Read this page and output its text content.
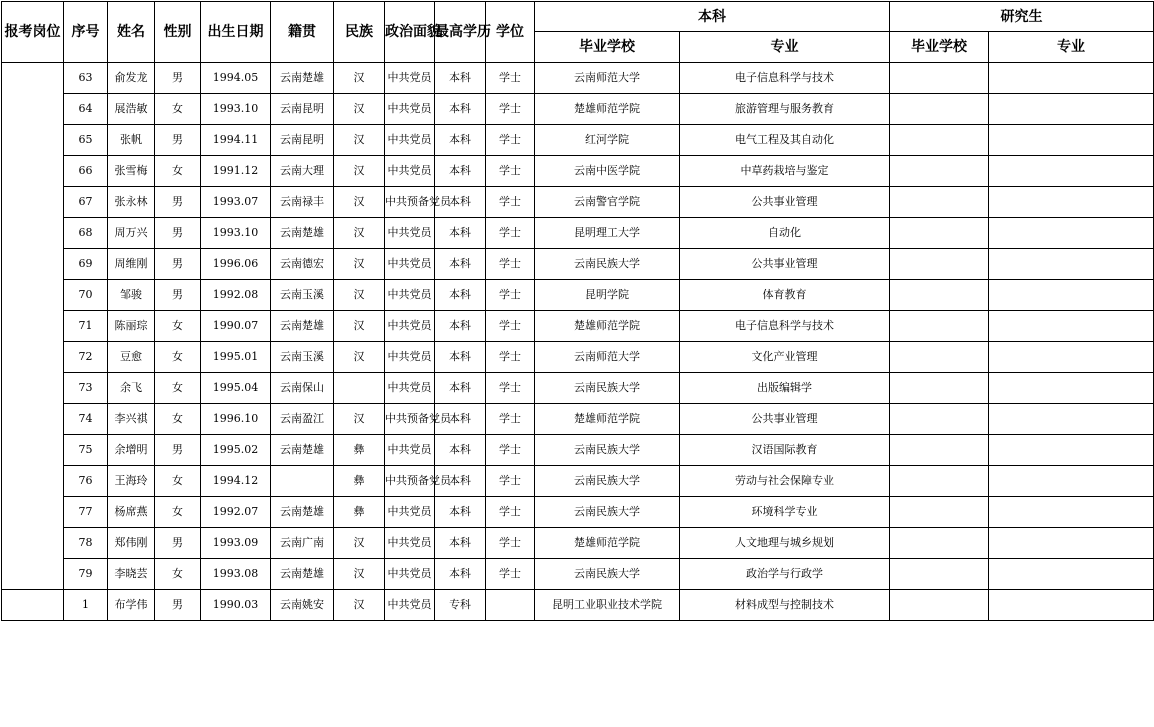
报考岗位	序号	姓名	性别	出生日期	籍贯	民族	政治面貌	最高学历	学位	本科		研究生	
										毕业学校	专业	毕业学校	专业
	63	俞发龙	男	1994.05	云南楚雄	汉	中共党员	本科	学士	云南师范大学	电子信息科学与技术		
	64	展浩敏	女	1993.10	云南昆明	汉	中共党员	本科	学士	楚雄师范学院	旅游管理与服务教育		
	65	张帆	男	1994.11	云南昆明	汉	中共党员	本科	学士	红河学院	电气工程及其自动化		
	66	张雪梅	女	1991.12	云南大理	汉	中共党员	本科	学士	云南中医学院	中草药栽培与鉴定		
	67	张永林	男	1993.07	云南禄丰	汉	中共预备党员	本科	学士	云南警官学院	公共事业管理		
	68	周万兴	男	1993.10	云南楚雄	汉	中共党员	本科	学士	昆明理工大学	自动化		
	69	周维刚	男	1996.06	云南德宏	汉	中共党员	本科	学士	云南民族大学	公共事业管理		
	70	邹骏	男	1992.08	云南玉溪	汉	中共党员	本科	学士	昆明学院	体育教育		
	71	陈丽琮	女	1990.07	云南楚雄	汉	中共党员	本科	学士	楚雄师范学院	电子信息科学与技术		
	72	豆愈	女	1995.01	云南玉溪	汉	中共党员	本科	学士	云南师范大学	文化产业管理		
	73	余飞	女	1995.04	云南保山		中共党员	本科	学士	云南民族大学	出版编辑学		
	74	李兴祺	女	1996.10	云南盈江	汉	中共预备党员	本科	学士	楚雄师范学院	公共事业管理		
	75	余增明	男	1995.02	云南楚雄	彝	中共党员	本科	学士	云南民族大学	汉语国际教育		
	76	王海玲	女	1994.12		彝	中共预备党员	本科	学士	云南民族大学	劳动与社会保障专业		
	77	杨席燕	女	1992.07	云南楚雄	彝	中共党员	本科	学士	云南民族大学	环境科学专业		
	78	郑伟刚	男	1993.09	云南广南	汉	中共党员	本科	学士	楚雄师范学院	人文地理与城乡规划		
	79	李晓芸	女	1993.08	云南楚雄	汉	中共党员	本科	学士	云南民族大学	政治学与行政学		
	1	布学伟	男	1990.03	云南姚安	汉	中共党员	专科		昆明工业职业技术学院	材料成型与控制技术		
